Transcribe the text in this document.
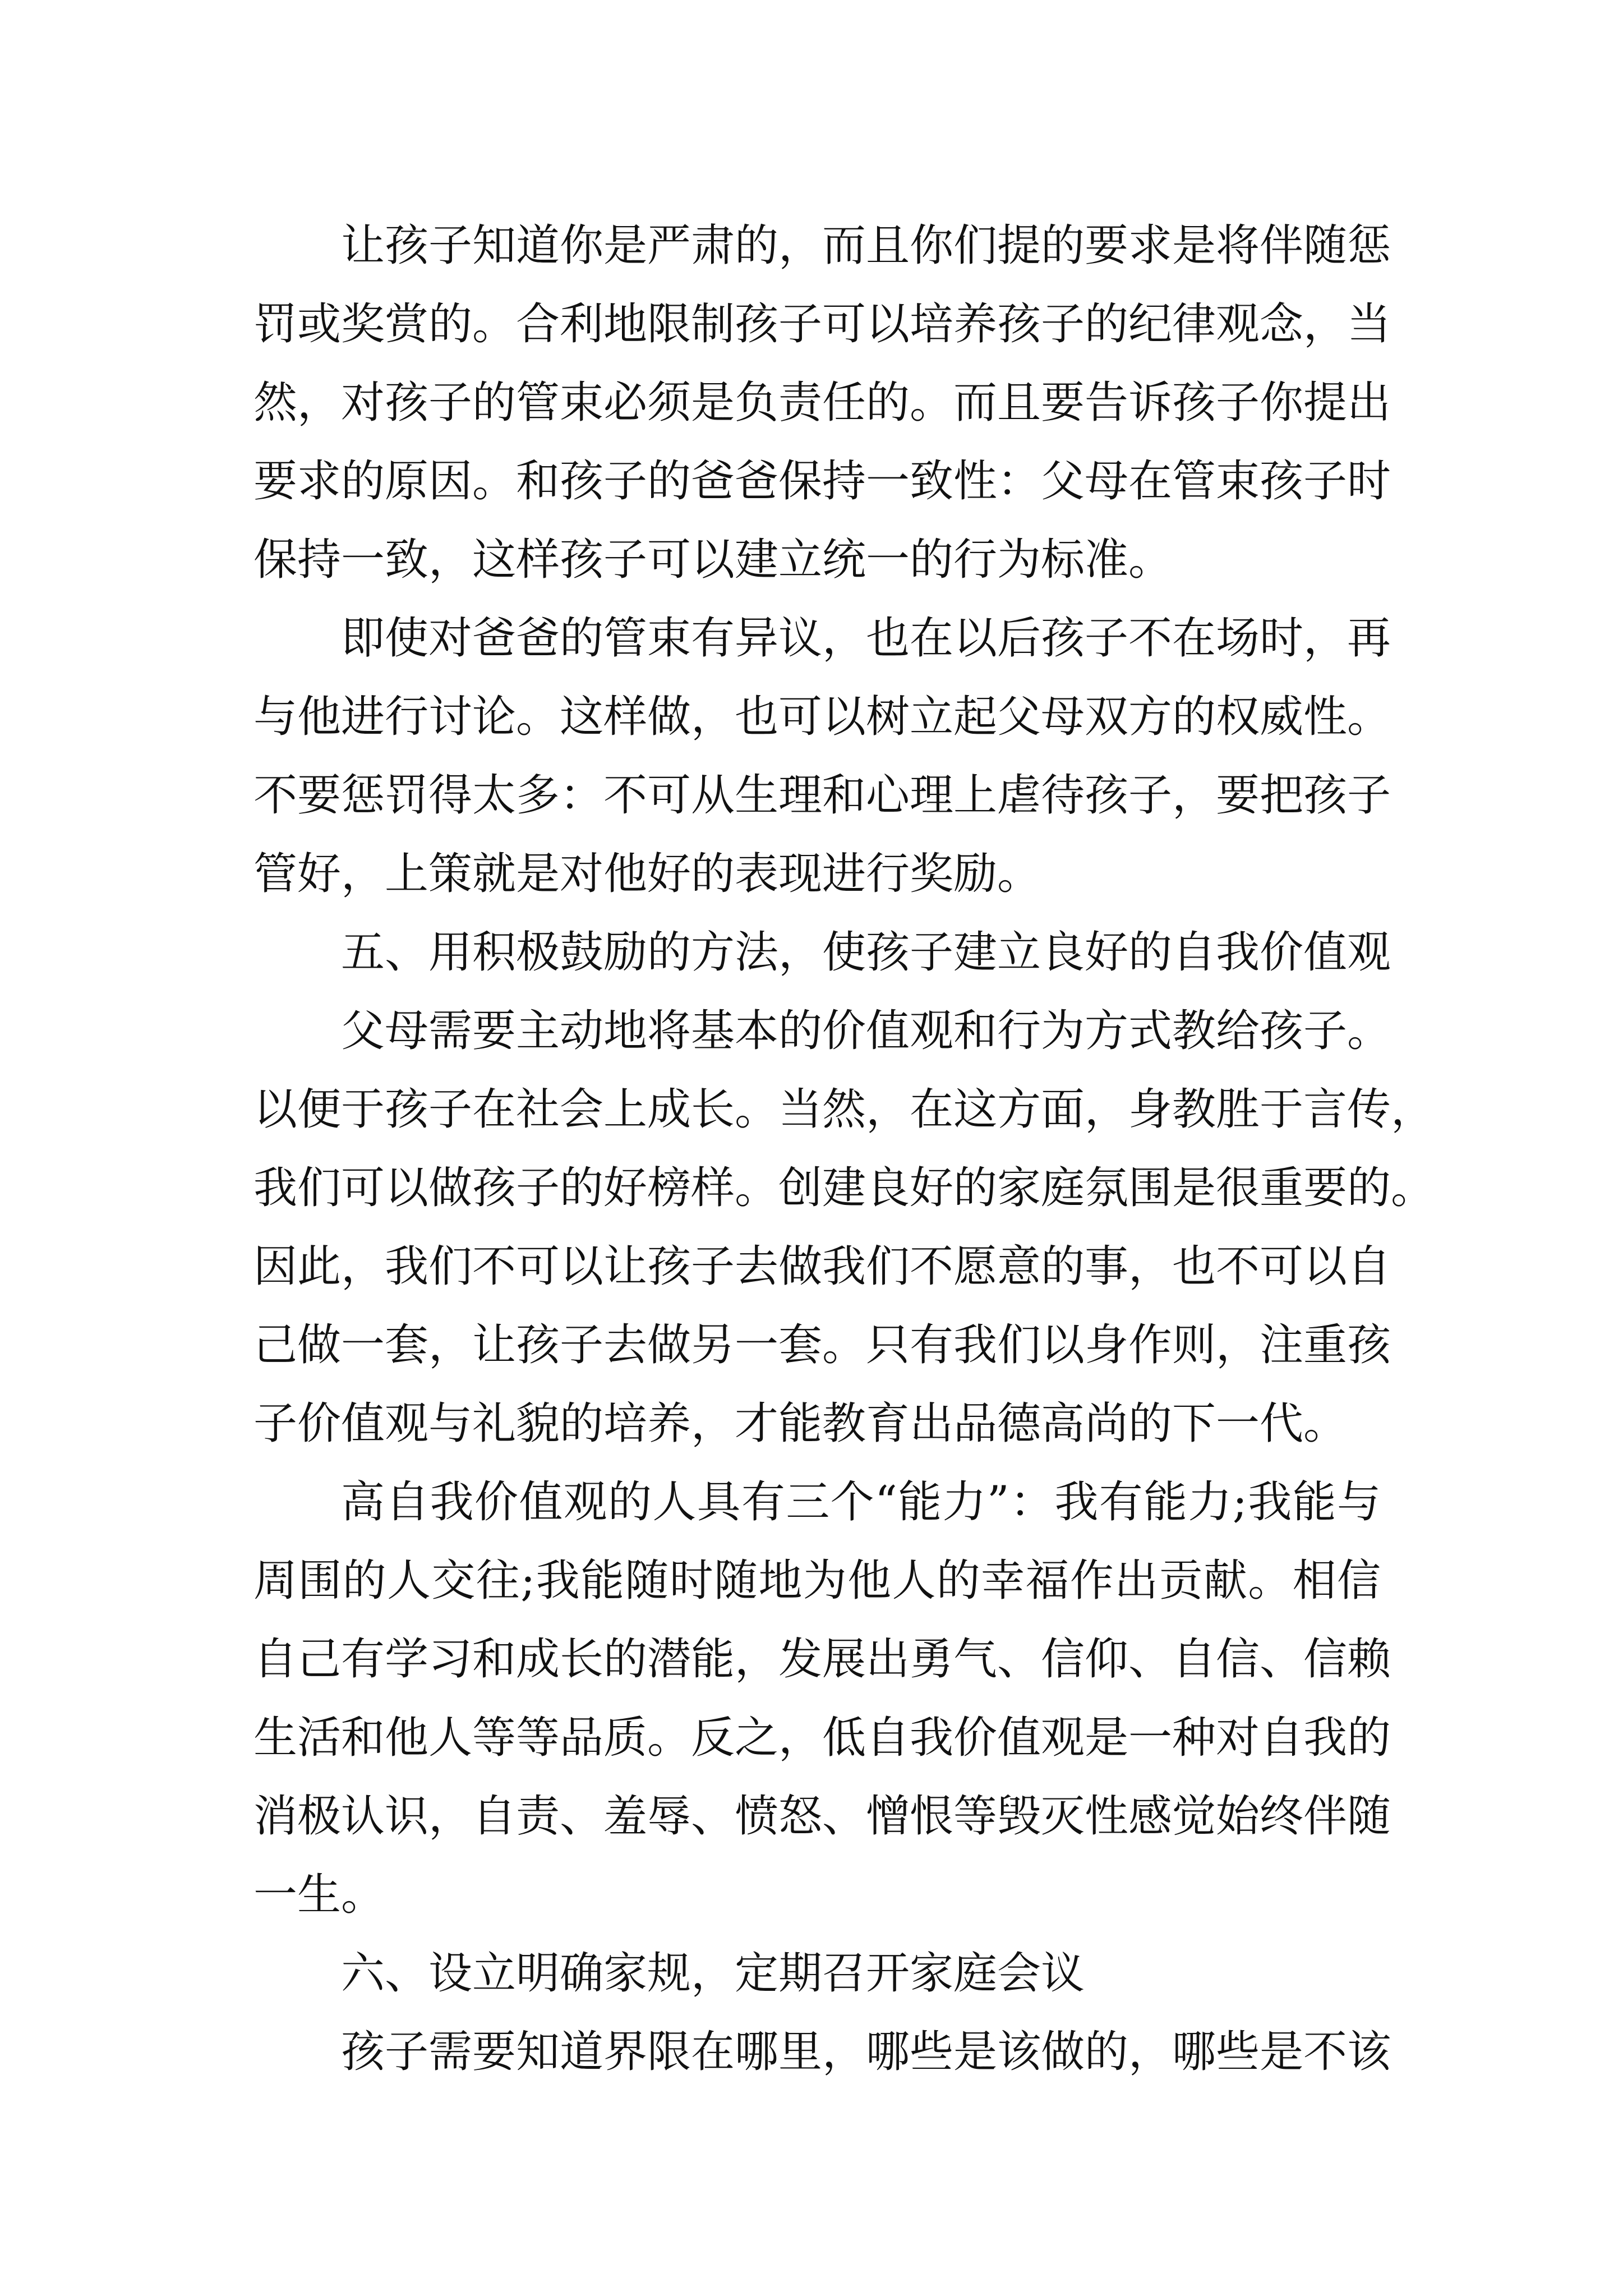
让孩子知道你是严肃的，而且你们提的要求是将伴随惩
罚或奖赏的。合利地限制孩子可以培养孩子的纪律观念，当
然，对孩子的管束必须是负责任的。而且要告诉孩子你提出
要求的原因。和孩子的爸爸保持一致性：父母在管束孩子时
保持一致，这样孩子可以建立统一的行为标准。
即使对爸爸的管束有异议，也在以后孩子不在场时，再
与他进行讨论。这样做，也可以树立起父母双方的权威性。
不要惩罚得太多：不可从生理和心理上虐待孩子，要把孩子
管好，上策就是对他好的表现进行奖励。
五、用积极鼓励的方法，使孩子建立良好的自我价值观
父母需要主动地将基本的价值观和行为方式教给孩子。
以便于孩子在社会上成长。当然，在这方面，身教胜于言传，
我们可以做孩子的好榜样。创建良好的家庭氛围是很重要的。
因此，我们不可以让孩子去做我们不愿意的事，也不可以自
己做一套，让孩子去做另一套。只有我们以身作则，注重孩
子价值观与礼貌的培养，才能教育出品德高尚的下一代。
高自我价值观的人具有三个“能力”：我有能力;我能与
周围的人交往;我能随时随地为他人的幸福作出贡献。相信
自己有学习和成长的潜能，发展出勇气、信仰、自信、信赖
生活和他人等等品质。反之，低自我价值观是一种对自我的
消极认识，自责、羞辱、愤怒、憎恨等毁灭性感觉始终伴随
一生。
六、设立明确家规，定期召开家庭会议
孩子需要知道界限在哪里，哪些是该做的，哪些是不该
